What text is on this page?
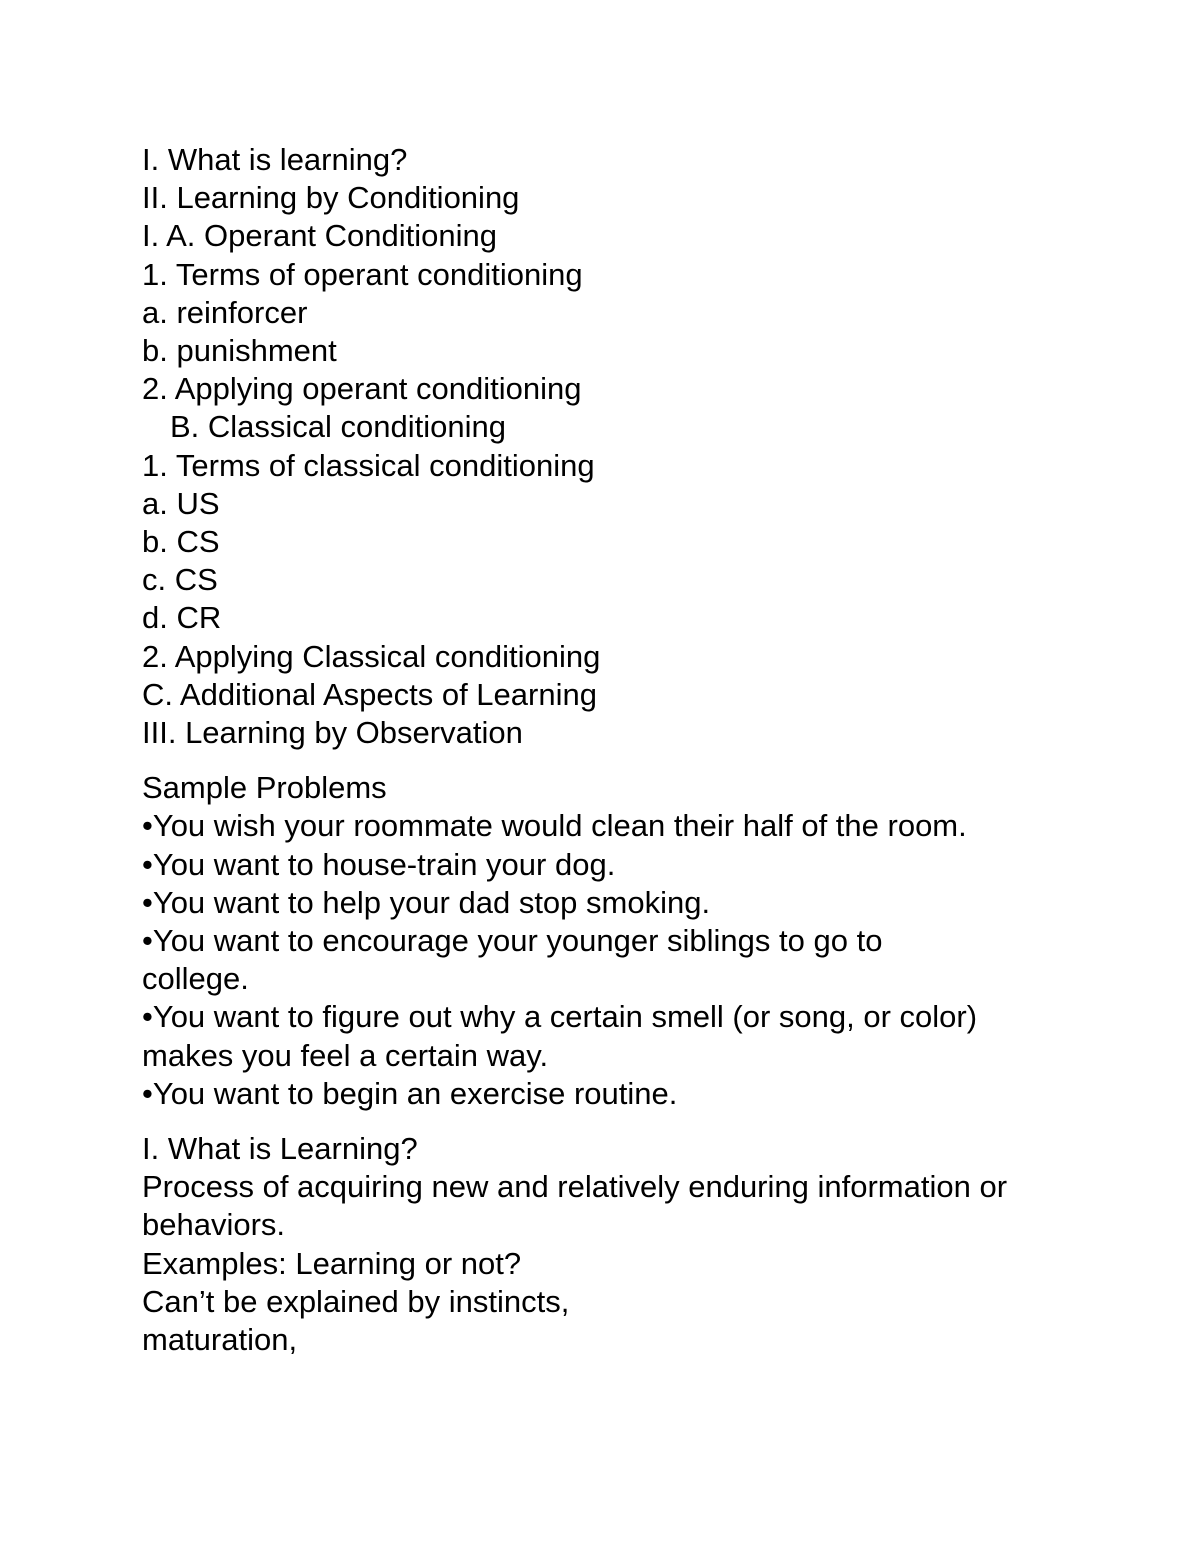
I. What is learning?
II. Learning by Conditioning
I. A. Operant Conditioning
1. Terms of operant conditioning
a. reinforcer
b. punishment
2. Applying operant conditioning
B. Classical conditioning
1. Terms of classical conditioning
a. US
b. CS
c. CS
d. CR
2. Applying Classical conditioning
C. Additional Aspects of Learning
III. Learning by Observation
Sample Problems
•You wish your roommate would clean their half of the room.
•You want to house-train your dog.
•You want to help your dad stop smoking.
•You want to encourage your younger siblings to go to college.
•You want to figure out why a certain smell (or song, or color) makes you feel a certain way.
•You want to begin an exercise routine.
I. What is Learning?
Process of acquiring new and relatively enduring information or behaviors.
Examples: Learning or not?
Can’t be explained by instincts,
maturation,
